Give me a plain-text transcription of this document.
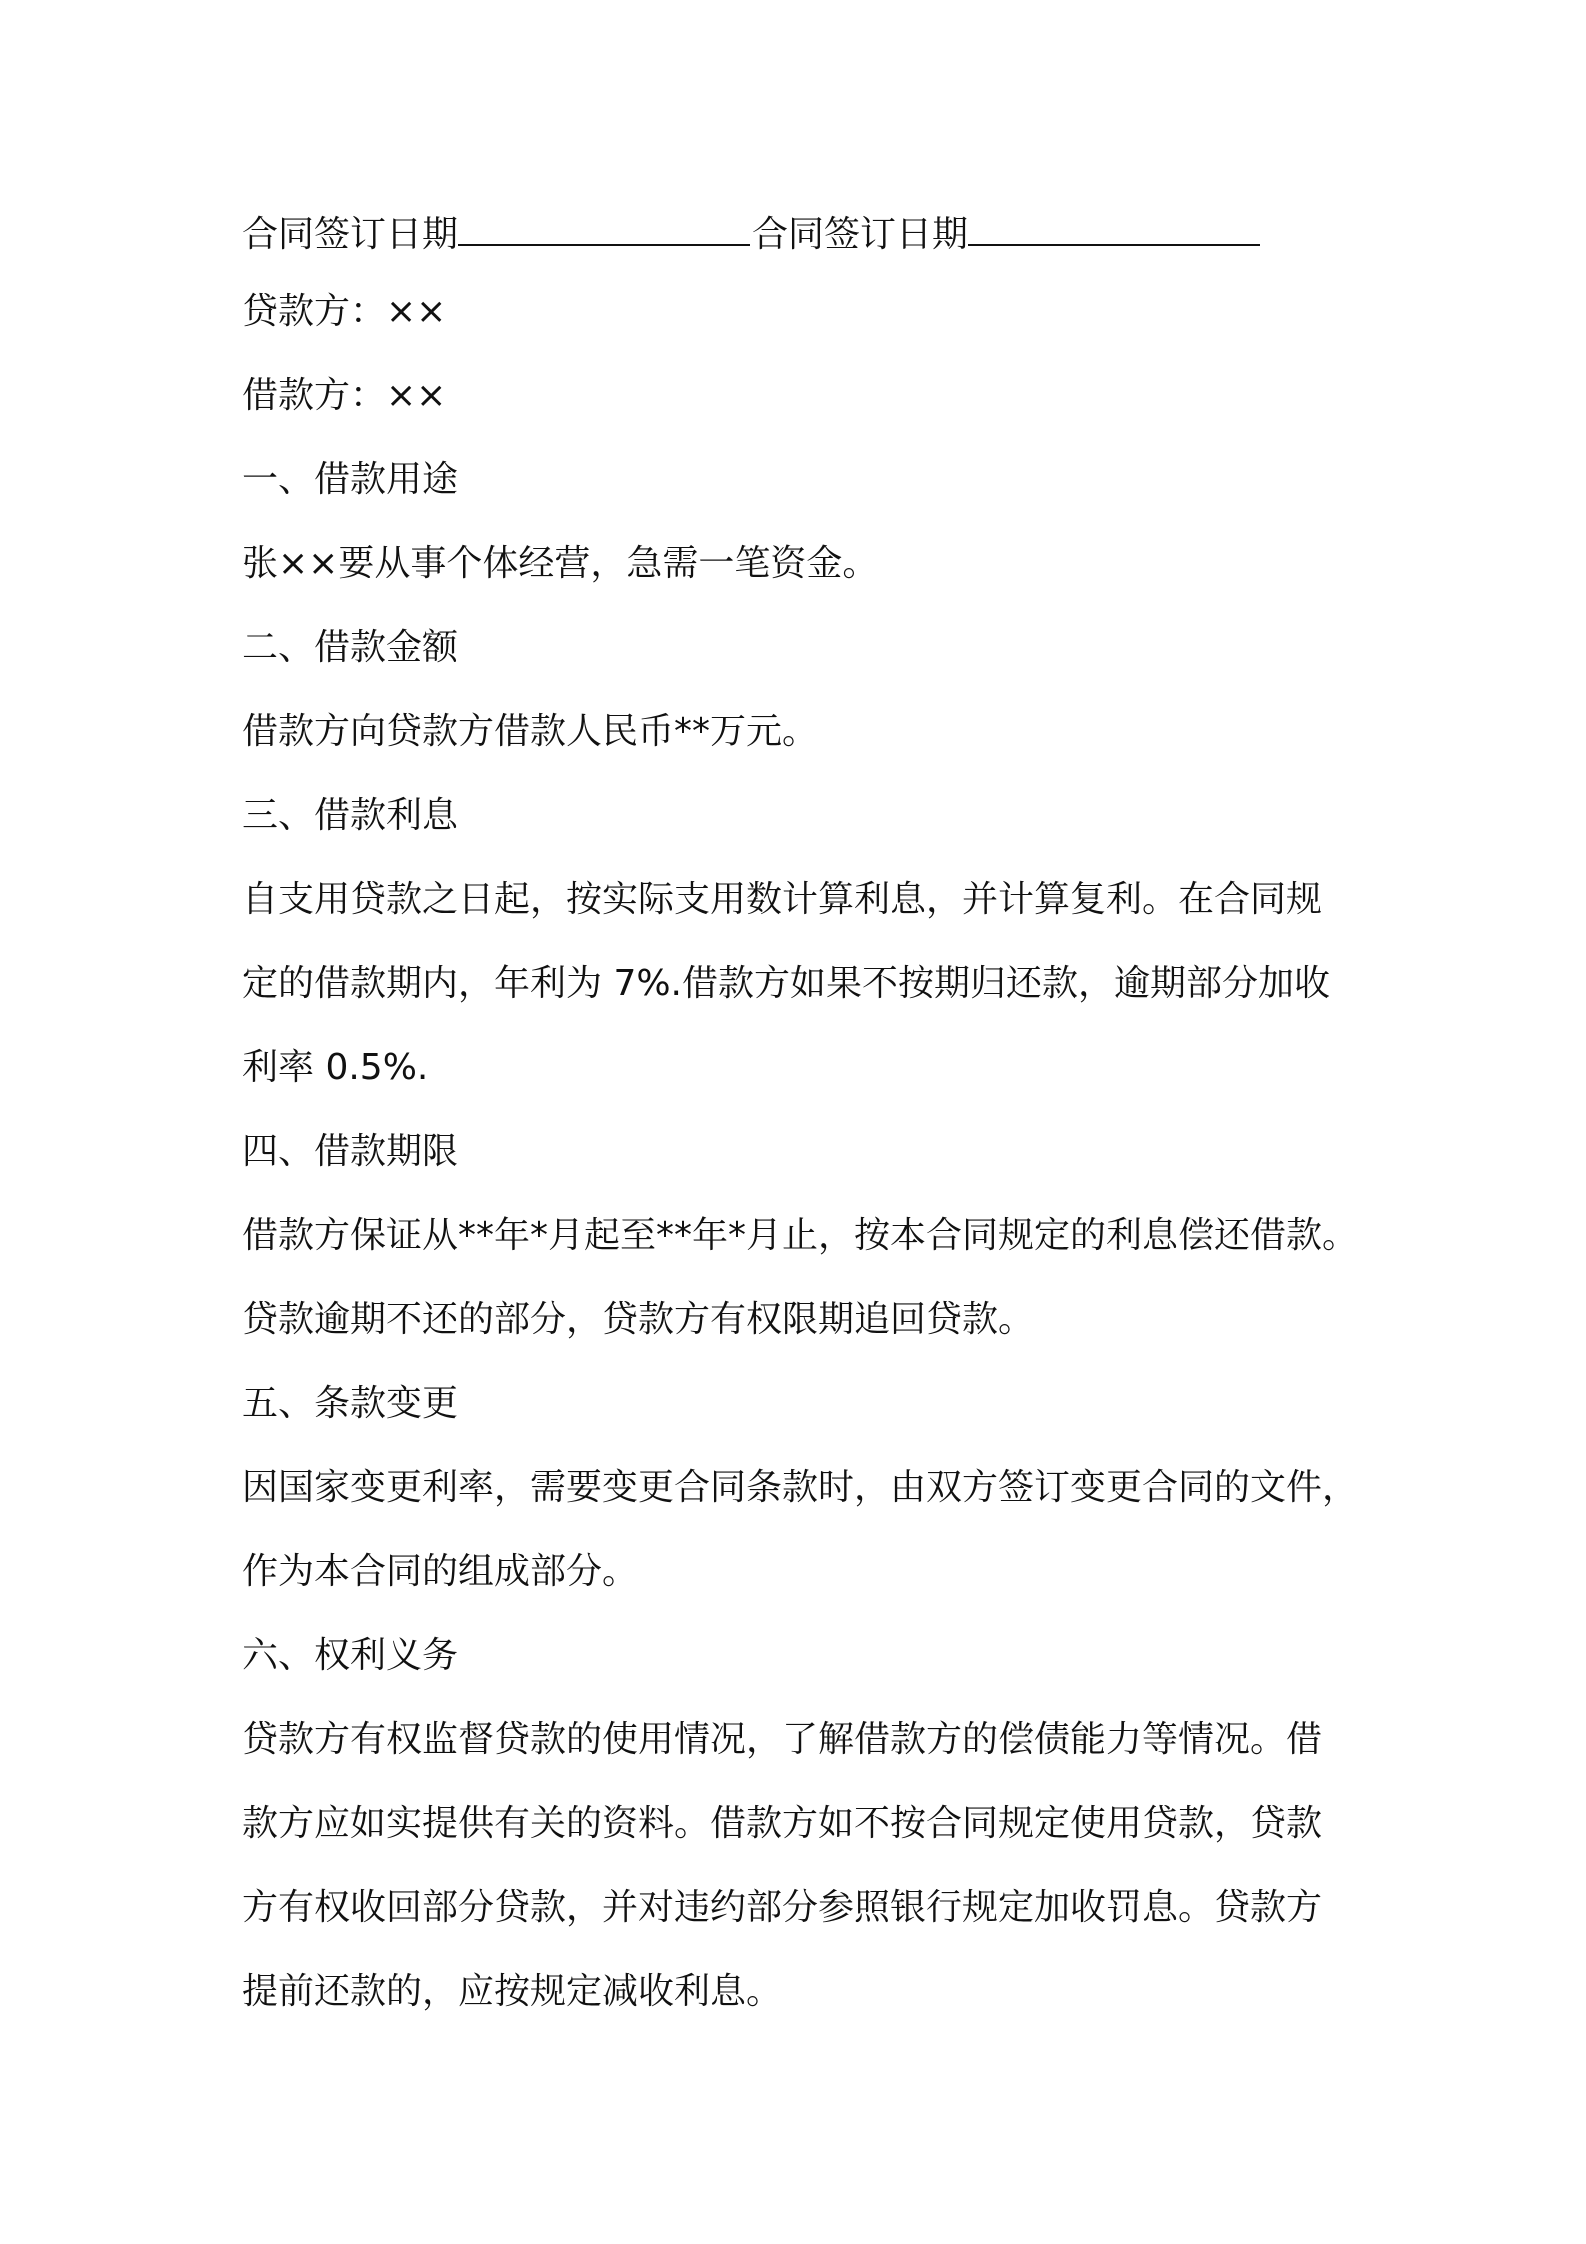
合同签订日期	合同签订日期
贷款方：××
借款方：××
一、借款用途
张××要从事个体经营，急需一笔资金。
二、借款金额
借款方向贷款方借款人民币**万元。
三、借款利息
自支用贷款之日起，按实际支用数计算利息，并计算复利。在合同规
定的借款期内，年利为 7%.借款方如果不按期归还款，逾期部分加收
利率 0.5%.
四、借款期限
借款方保证从**年*月起至**年*月止，按本合同规定的利息偿还借款。
贷款逾期不还的部分，贷款方有权限期追回贷款。
五、条款变更
因国家变更利率，需要变更合同条款时，由双方签订变更合同的文件，
作为本合同的组成部分。
六、权利义务
贷款方有权监督贷款的使用情况，了解借款方的偿债能力等情况。借
款方应如实提供有关的资料。借款方如不按合同规定使用贷款，贷款
方有权收回部分贷款，并对违约部分参照银行规定加收罚息。贷款方
提前还款的，应按规定减收利息。
